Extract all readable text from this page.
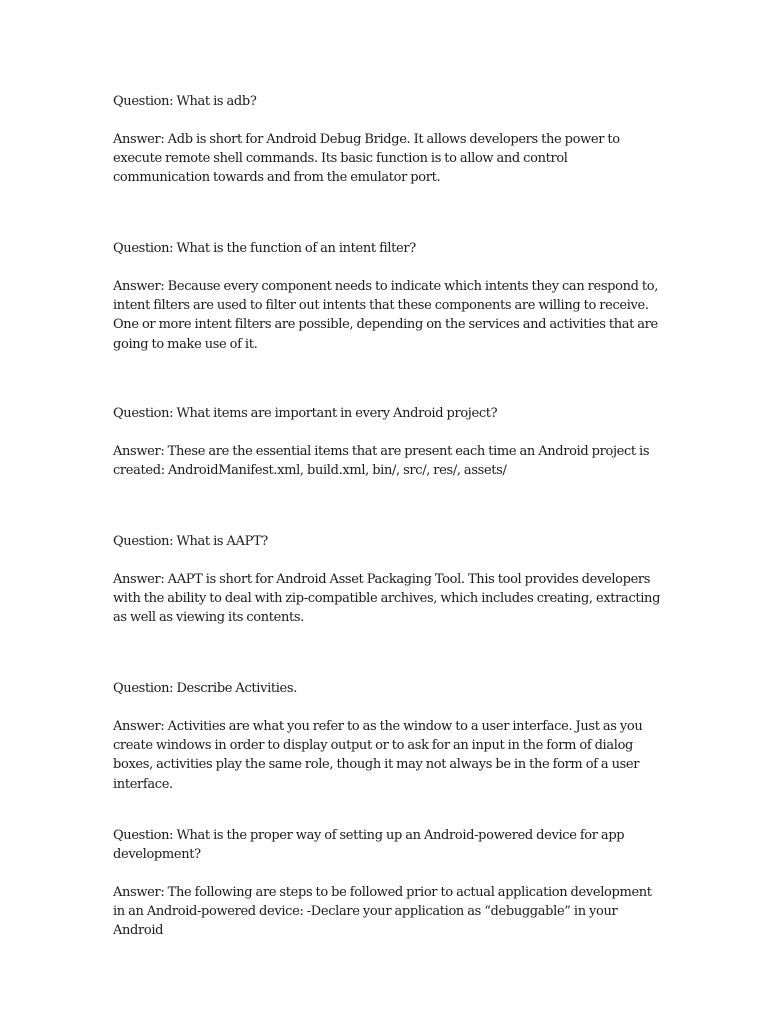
Question: What is adb?

Answer: Adb is short for Android Debug Bridge. It allows developers the power to execute remote shell commands. Its basic function is to allow and control communication towards and from the emulator port.

Question: What is the function of an intent filter?

Answer: Because every component needs to indicate which intents they can respond to, intent filters are used to filter out intents that these components are willing to receive. One or more intent filters are possible, depending on the services and activities that are going to make use of it.

Question: What items are important in every Android project?

Answer: These are the essential items that are present each time an Android project is created: AndroidManifest.xml, build.xml, bin/, src/, res/, assets/

Question: What is AAPT?

Answer: AAPT is short for Android Asset Packaging Tool. This tool provides developers with the ability to deal with zip-compatible archives, which includes creating, extracting as well as viewing its contents.

Question: Describe Activities.

Answer: Activities are what you refer to as the window to a user interface. Just as you create windows in order to display output or to ask for an input in the form of dialog boxes, activities play the same role, though it may not always be in the form of a user interface.

Question: What is the proper way of setting up an Android-powered device for app development?

Answer: The following are steps to be followed prior to actual application development in an Android-powered device: -Declare your application as “debuggable” in your Android
